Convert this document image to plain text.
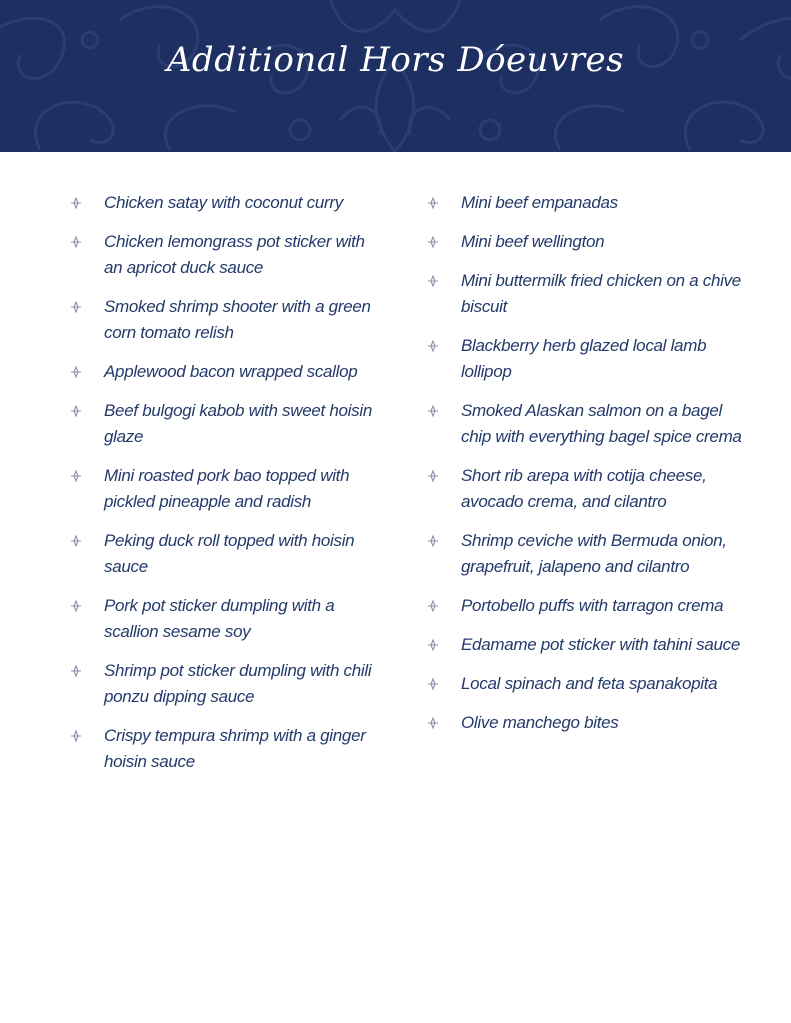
Additional Hors Dóeuvres
Chicken satay with coconut curry
Chicken lemongrass pot sticker with an apricot duck sauce
Smoked shrimp shooter with a green corn tomato relish
Applewood bacon wrapped scallop
Beef bulgogi kabob with sweet hoisin glaze
Mini roasted pork bao topped with pickled pineapple and radish
Peking duck roll topped with hoisin sauce
Pork pot sticker dumpling with a scallion sesame soy
Shrimp pot sticker dumpling with chili ponzu dipping sauce
Crispy tempura shrimp with a ginger hoisin sauce
Mini beef empanadas
Mini beef wellington
Mini buttermilk fried chicken on a chive biscuit
Blackberry herb glazed local lamb lollipop
Smoked Alaskan salmon on a bagel chip with everything bagel spice crema
Short rib arepa with cotija cheese, avocado crema, and cilantro
Shrimp ceviche with Bermuda onion, grapefruit, jalapeno and cilantro
Portobello puffs with tarragon crema
Edamame pot sticker with tahini sauce
Local spinach and feta spanakopita
Olive manchego bites
